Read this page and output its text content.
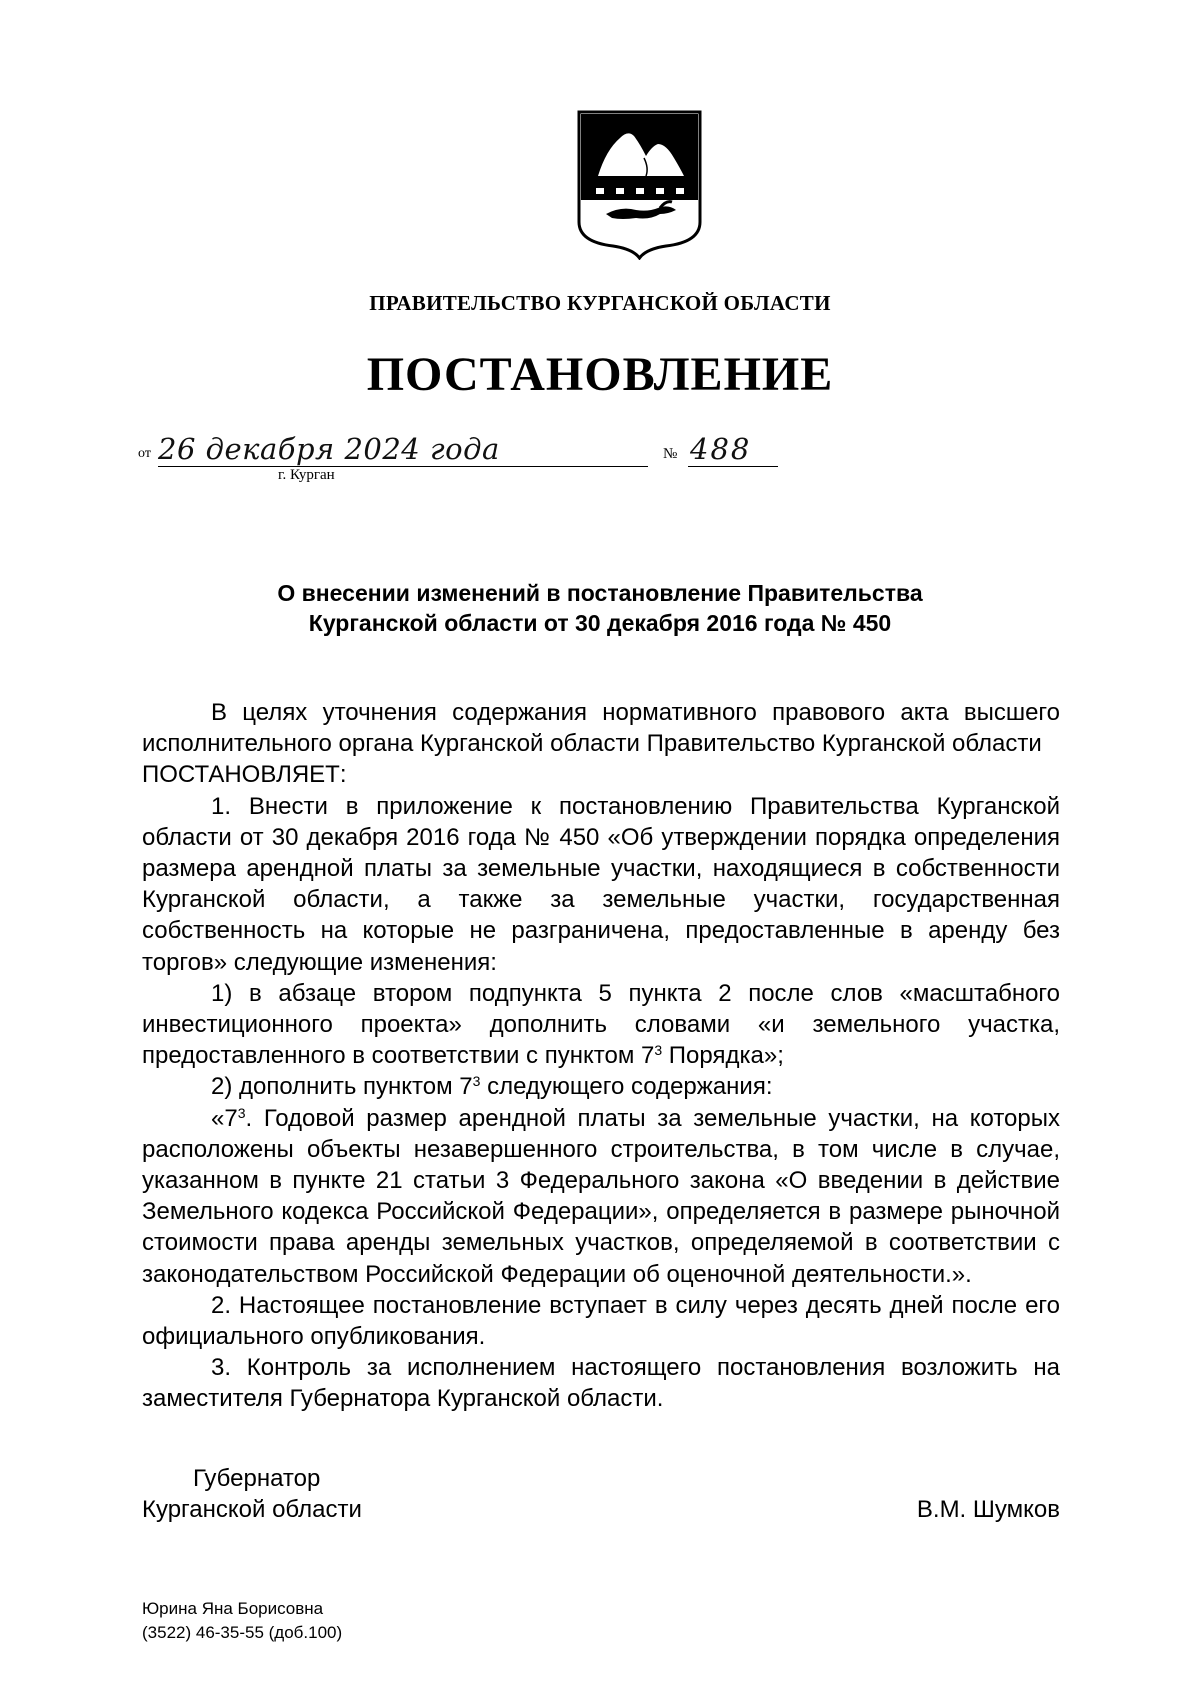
ПРАВИТЕЛЬСТВО КУРГАНСКОЙ ОБЛАСТИ
ПОСТАНОВЛЕНИЕ
от 26 декабря 2024 года	№ 488
г. Курган
О внесении изменений в постановление Правительства
Курганской области от 30 декабря 2016 года № 450

В целях уточнения содержания нормативного правового акта высшего исполнительного органа Курганской области Правительство Курганской области

ПОСТАНОВЛЯЕТ:

1. Внести в приложение к постановлению Правительства Курганской области от 30 декабря 2016 года № 450 «Об утверждении порядка определения размера арендной платы за земельные участки, находящиеся в собственности Курганской области, а также за земельные участки, государственная собственность на которые не разграничена, предоставленные в аренду без торгов» следующие изменения:

1) в абзаце втором подпункта 5 пункта 2 после слов «масштабного инвестиционного проекта» дополнить словами «и земельного участка, предоставленного в соответствии с пунктом $7^3$ Порядка»;

2) дополнить пунктом $7^3$ следующего содержания:

«$7^3$. Годовой размер арендной платы за земельные участки, на которых расположены объекты незавершенного строительства, в том числе в случае, указанном в пункте 21 статьи 3 Федерального закона «О введении в действие Земельного кодекса Российской Федерации», определяется в размере рыночной стоимости права аренды земельных участков, определяемой в соответствии с законодательством Российской Федерации об оценочной деятельности.».

2. Настоящее постановление вступает в силу через десять дней после его официального опубликования.

3. Контроль за исполнением настоящего постановления возложить на заместителя Губернатора Курганской области.

Губернатор
Курганской области	В.М. Шумков
Юрина Яна Борисовна
(3522) 46-35-55 (доб.100)
